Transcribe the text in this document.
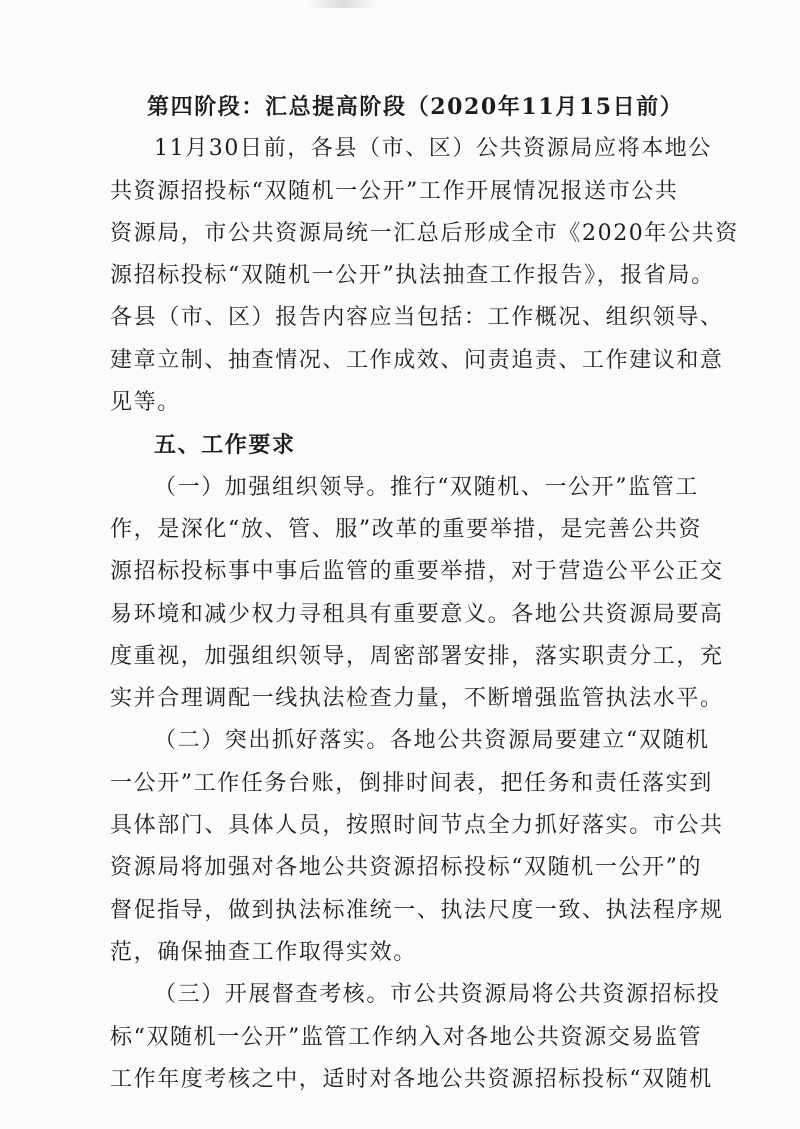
第四阶段：汇总提高阶段（2020年11月15日前）
11月30日前，各县（市、区）公共资源局应将本地公
共资源招投标“双随机一公开”工作开展情况报送市公共
资源局，市公共资源局统一汇总后形成全市《2020年公共资
源招标投标“双随机一公开”执法抽查工作报告》，报省局。
各县（市、区）报告内容应当包括：工作概况、组织领导、
建章立制、抽查情况、工作成效、问责追责、工作建议和意
见等。
五、工作要求
（一）加强组织领导。推行“双随机、一公开”监管工
作，是深化“放、管、服”改革的重要举措，是完善公共资
源招标投标事中事后监管的重要举措，对于营造公平公正交
易环境和减少权力寻租具有重要意义。各地公共资源局要高
度重视，加强组织领导，周密部署安排，落实职责分工，充
实并合理调配一线执法检查力量，不断增强监管执法水平。
（二）突出抓好落实。各地公共资源局要建立“双随机
一公开”工作任务台账，倒排时间表，把任务和责任落实到
具体部门、具体人员，按照时间节点全力抓好落实。市公共
资源局将加强对各地公共资源招标投标“双随机一公开”的
督促指导，做到执法标准统一、执法尺度一致、执法程序规
范，确保抽查工作取得实效。
（三）开展督查考核。市公共资源局将公共资源招标投
标“双随机一公开”监管工作纳入对各地公共资源交易监管
工作年度考核之中，适时对各地公共资源招标投标“双随机
